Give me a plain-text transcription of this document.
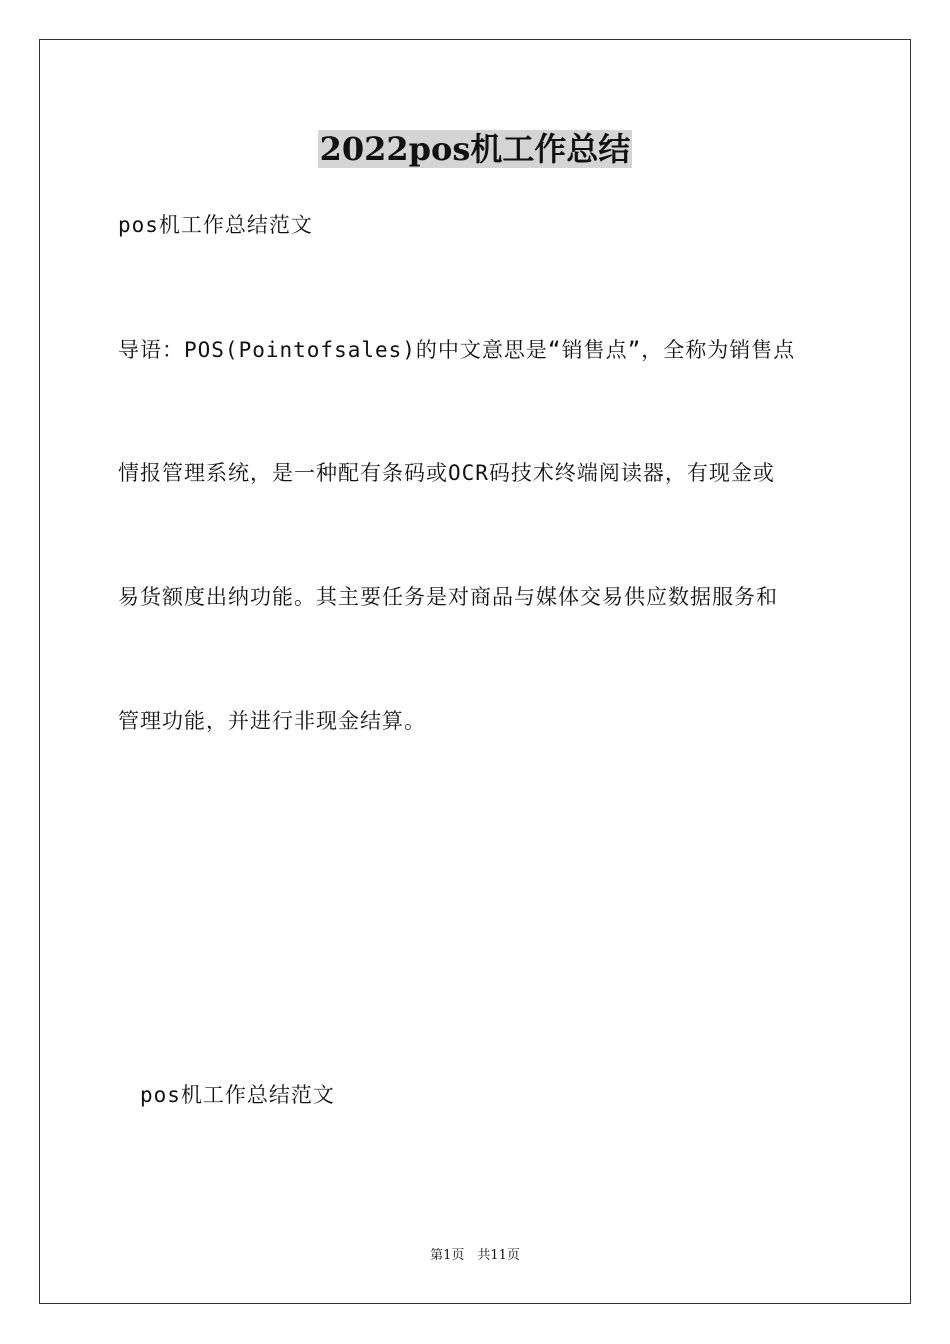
2022pos机工作总结
pos机工作总结范文
导语：POS(Pointofsales)的中文意思是“销售点”，全称为销售点
情报管理系统，是一种配有条码或OCR码技术终端阅读器，有现金或
易货额度出纳功能。其主要任务是对商品与媒体交易供应数据服务和
管理功能，并进行非现金结算。
pos机工作总结范文
第1页　共11页
